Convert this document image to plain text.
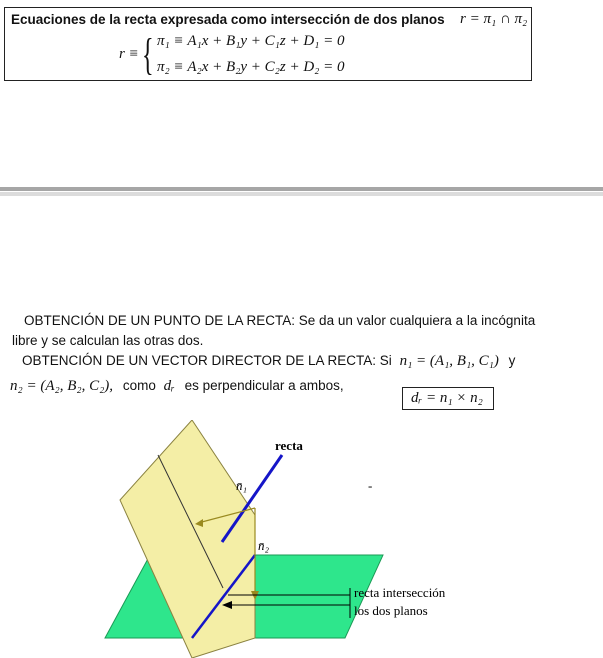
Ecuaciones de la recta expresada como intersección de dos planos r = π₁ ∩ π₂
r ≡ { π₁ ≡ A₁x + B₁y + C₁z + D₁ = 0
π₂ ≡ A₂x + B₂y + C₂z + D₂ = 0
OBTENCIÓN DE UN PUNTO DE LA RECTA: Se da un valor cualquiera a la incógnita
libre y se calculan las otras dos.
OBTENCIÓN DE UN VECTOR DIRECTOR DE LA RECTA: Si n₁ = (A₁, B₁, C₁) y
n₂ = (A₂, B₂, C₂), como dᵣ es perpendicular a ambos,
dᵣ = n₁ × n₂
recta
n̄₁
n̄₂
-
recta intersección
los dos planos
